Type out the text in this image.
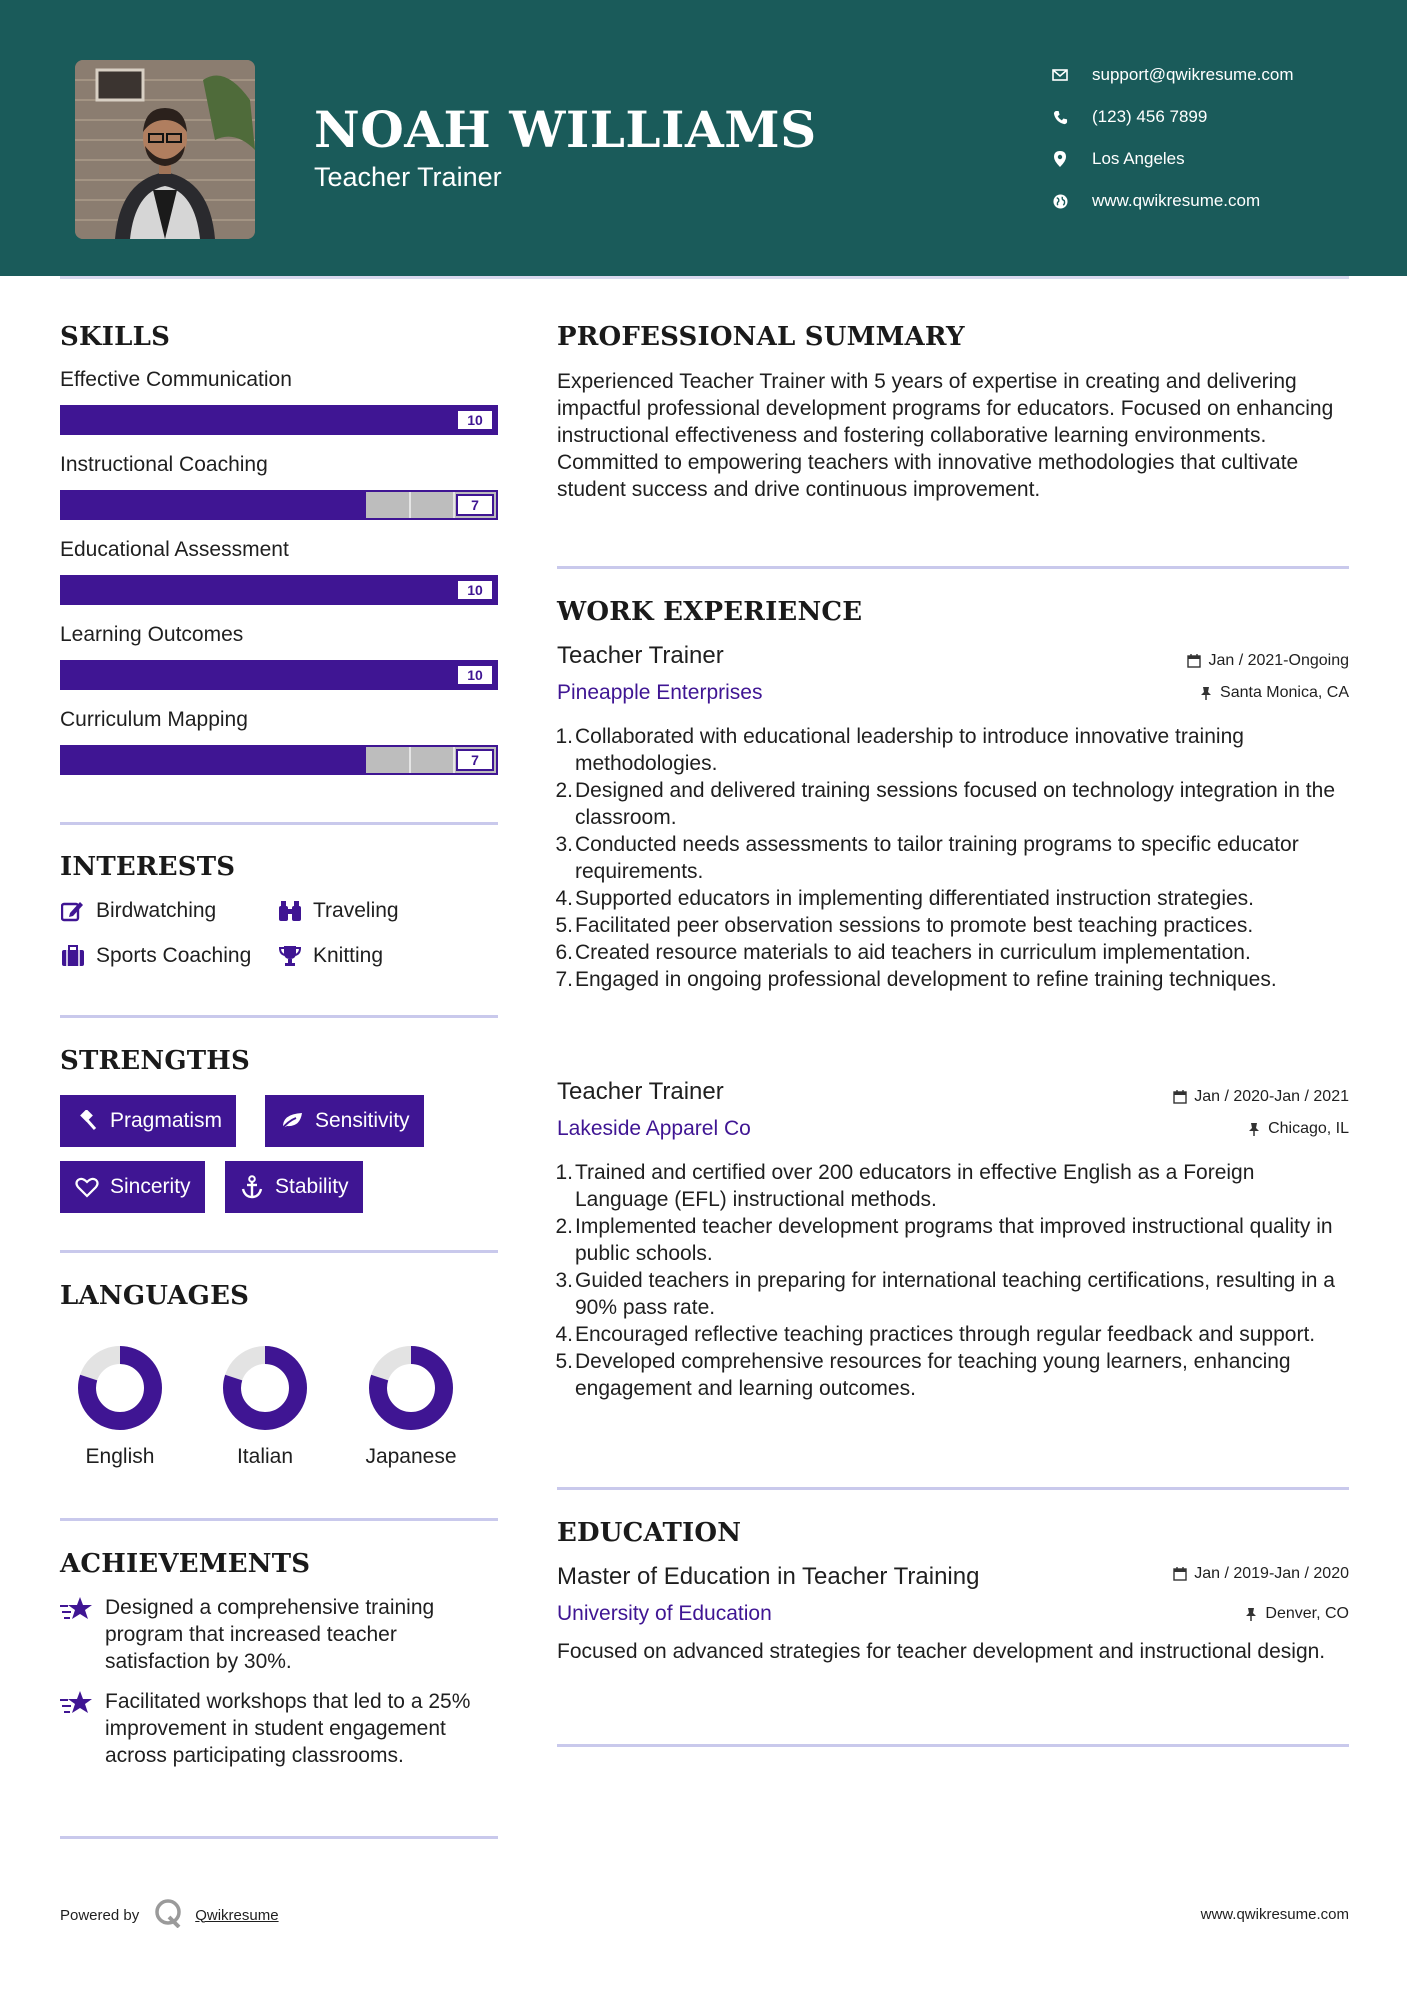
NOAH WILLIAMS
Teacher Trainer
support@qwikresume.com
(123) 456 7899
Los Angeles
www.qwikresume.com
SKILLS
Effective Communication
10
Instructional Coaching
7
Educational Assessment
10
Learning Outcomes
10
Curriculum Mapping
7
INTERESTS
Birdwatching	Traveling
Sports Coaching	Knitting
STRENGTHS
Pragmatism	Sensitivity
Sincerity	Stability
LANGUAGES
English	Italian	Japanese
ACHIEVEMENTS
Designed a comprehensive training program that increased teacher satisfaction by 30%.
Facilitated workshops that led to a 25% improvement in student engagement across participating classrooms.
PROFESSIONAL SUMMARY
Experienced Teacher Trainer with 5 years of expertise in creating and delivering impactful professional development programs for educators. Focused on enhancing instructional effectiveness and fostering collaborative learning environments. Committed to empowering teachers with innovative methodologies that cultivate student success and drive continuous improvement.
WORK EXPERIENCE
Teacher Trainer	Jan / 2021-Ongoing
Pineapple Enterprises	Santa Monica, CA
1. Collaborated with educational leadership to introduce innovative training methodologies.
2. Designed and delivered training sessions focused on technology integration in the classroom.
3. Conducted needs assessments to tailor training programs to specific educator requirements.
4. Supported educators in implementing differentiated instruction strategies.
5. Facilitated peer observation sessions to promote best teaching practices.
6. Created resource materials to aid teachers in curriculum implementation.
7. Engaged in ongoing professional development to refine training techniques.
Teacher Trainer	Jan / 2020-Jan / 2021
Lakeside Apparel Co	Chicago, IL
1. Trained and certified over 200 educators in effective English as a Foreign Language (EFL) instructional methods.
2. Implemented teacher development programs that improved instructional quality in public schools.
3. Guided teachers in preparing for international teaching certifications, resulting in a 90% pass rate.
4. Encouraged reflective teaching practices through regular feedback and support.
5. Developed comprehensive resources for teaching young learners, enhancing engagement and learning outcomes.
EDUCATION
Master of Education in Teacher Training	Jan / 2019-Jan / 2020
University of Education	Denver, CO
Focused on advanced strategies for teacher development and instructional design.
Powered by	Qwikresume	www.qwikresume.com
